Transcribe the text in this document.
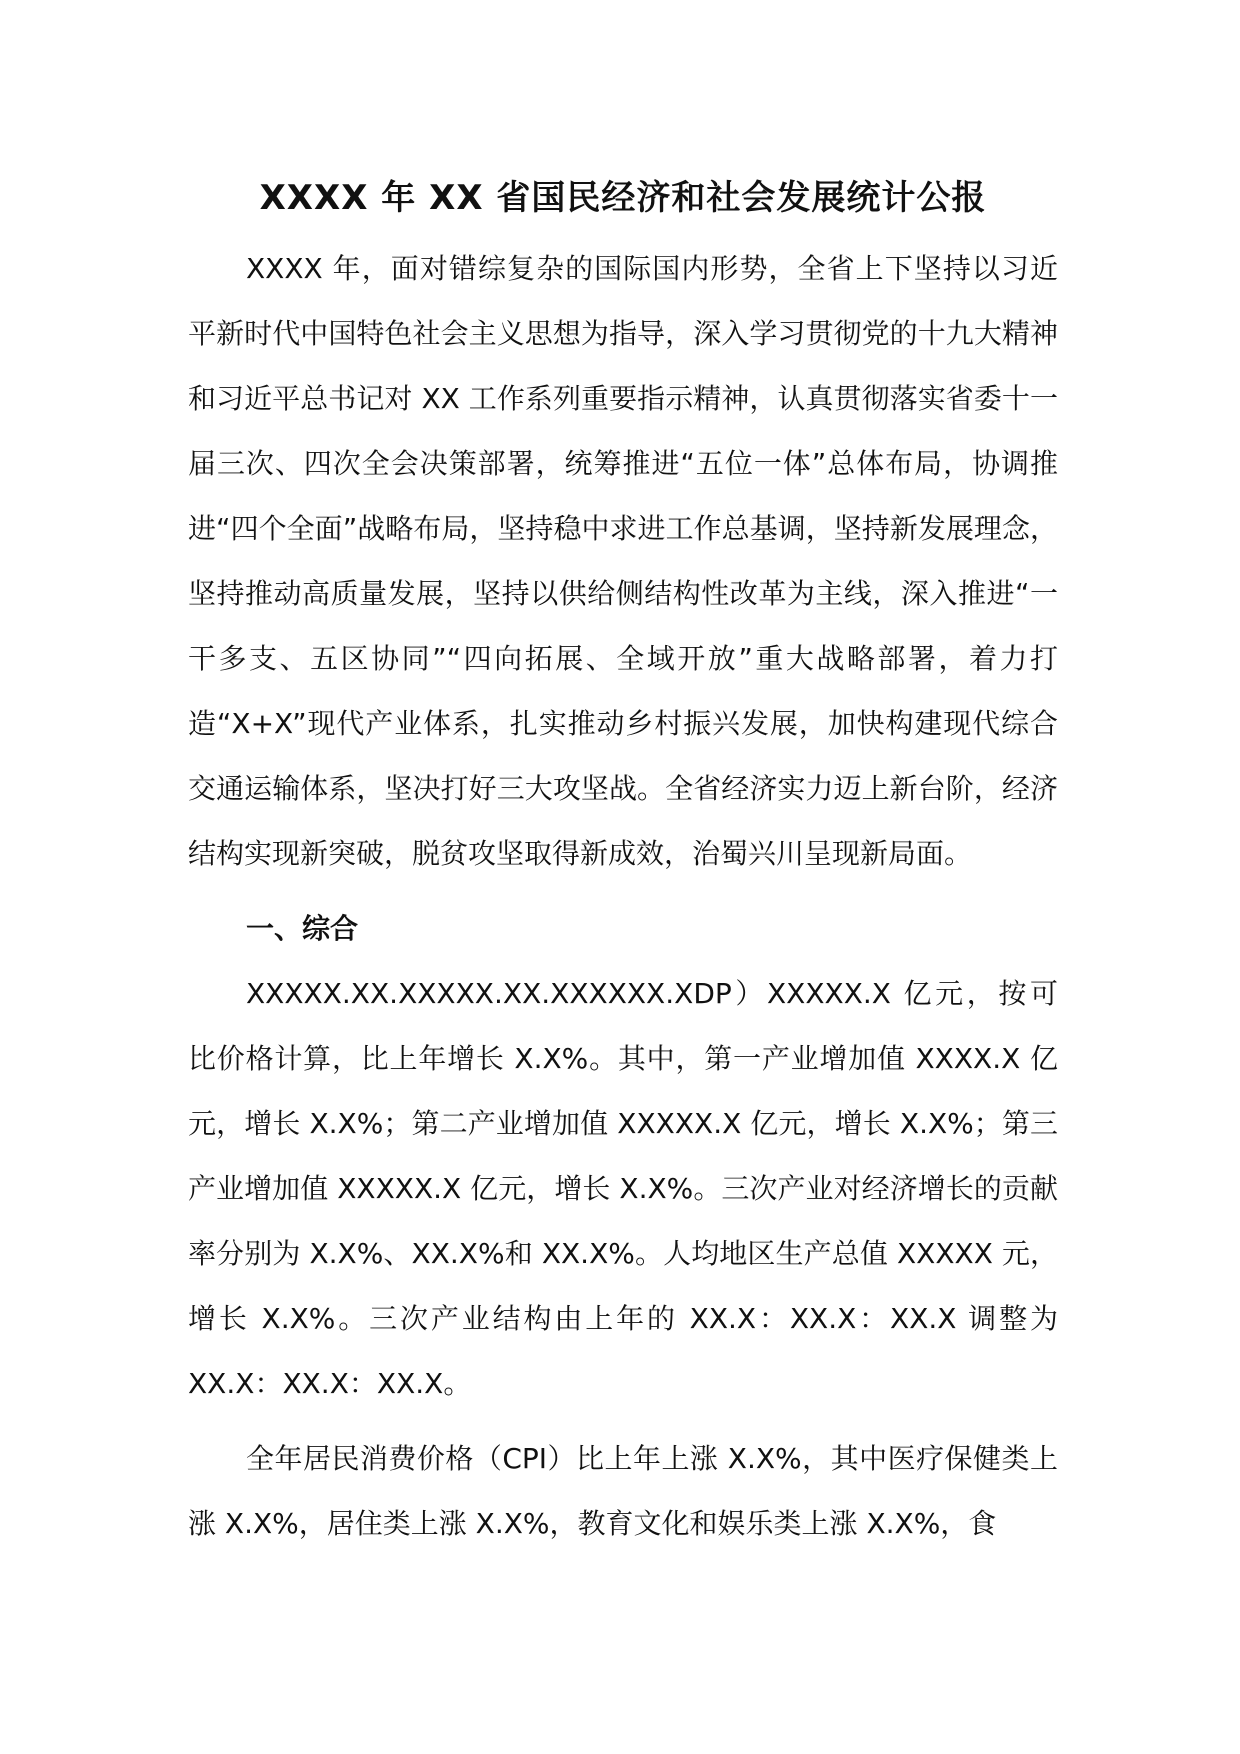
XXXX 年 XX 省国民经济和社会发展统计公报

XXXX 年，面对错综复杂的国际国内形势，全省上下坚持以习近平新时代中国特色社会主义思想为指导，深入学习贯彻党的十九大精神和习近平总书记对 XX 工作系列重要指示精神，认真贯彻落实省委十一届三次、四次全会决策部署，统筹推进“五位一体”总体布局，协调推进“四个全面”战略布局，坚持稳中求进工作总基调，坚持新发展理念，坚持推动高质量发展，坚持以供给侧结构性改革为主线，深入推进“一干多支、五区协同”“四向拓展、全域开放”重大战略部署，着力打造“X+X”现代产业体系，扎实推动乡村振兴发展，加快构建现代综合交通运输体系，坚决打好三大攻坚战。全省经济实力迈上新台阶，经济结构实现新突破，脱贫攻坚取得新成效，治蜀兴川呈现新局面。

一、综合

XXXXX.XX.XXXXX.XX.XXXXXX.XDP）XXXXX.X 亿元，按可比价格计算，比上年增长 X.X%。其中，第一产业增加值 XXXX.X 亿元，增长 X.X%；第二产业增加值 XXXXX.X 亿元，增长 X.X%；第三产业增加值 XXXXX.X 亿元，增长 X.X%。三次产业对经济增长的贡献率分别为 X.X%、XX.X%和 XX.X%。人均地区生产总值 XXXXX 元，增长 X.X%。三次产业结构由上年的 XX.X：XX.X：XX.X 调整为 XX.X：XX.X：XX.X。

全年居民消费价格（CPI）比上年上涨 X.X%，其中医疗保健类上涨 X.X%，居住类上涨 X.X%，教育文化和娱乐类上涨 X.X%，食
